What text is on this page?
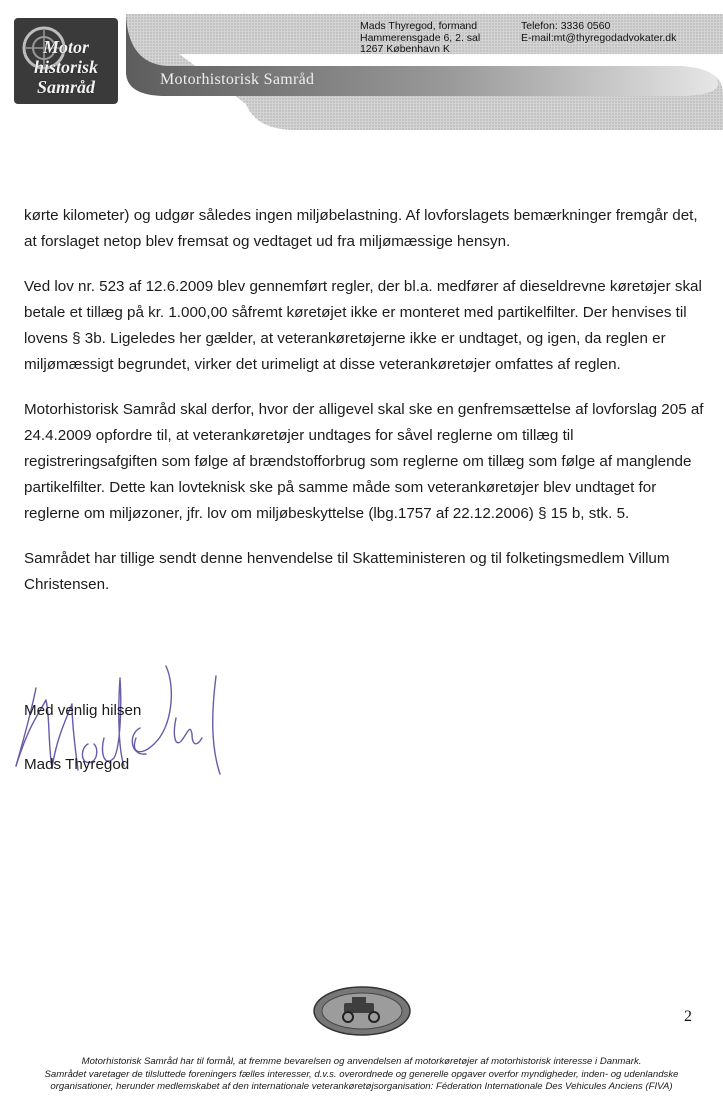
Motor
historisk
Samråd
Mads Thyregod, formand
Hammerensgade 6, 2. sal
1267 København K
Telefon: 3336 0560
E-mail:mt@thyregodadvokater.dk
Motorhistorisk Samråd

kørte kilometer) og udgør således ingen miljøbelastning. Af lovforslagets bemærkninger fremgår det, at forslaget netop blev fremsat og vedtaget ud fra miljømæssige hensyn.

Ved lov nr. 523 af 12.6.2009 blev gennemført regler, der bl.a. medfører af dieseldrevne køretøjer skal betale et tillæg på kr. 1.000,00 såfremt køretøjet ikke er monteret med partikelfilter. Der henvises til lovens § 3b. Ligeledes her gælder, at veterankøretøjerne ikke er undtaget, og igen, da reglen er miljømæssigt begrundet, virker det urimeligt at disse veterankøretøjer omfattes af reglen.

Motorhistorisk Samråd skal derfor, hvor der alligevel skal ske en genfremsættelse af lovforslag 205 af 24.4.2009 opfordre til, at veterankøretøjer undtages for såvel reglerne om tillæg til registreringsafgiften som følge af brændstofforbrug som reglerne om tillæg som følge af manglende partikelfilter. Dette kan lovteknisk ske på samme måde som veterankøretøjer blev undtaget for reglerne om miljøzoner, jfr. lov om miljøbeskyttelse (lbg.1757 af 22.12.2006) § 15 b, stk. 5.

Samrådet har tillige sendt denne henvendelse til Skatteministeren og til folketingsmedlem Villum Christensen.

Med venlig hilsen
Mads Thyregod
2
Motorhistorisk Samråd har til formål, at fremme bevarelsen og anvendelsen af motorkøretøjer af motorhistorisk interesse i Danmark.
Samrådet varetager de tilsluttede foreningers fælles interesser, d.v.s. overordnede og generelle opgaver overfor myndigheder, inden- og udenlandske
organisationer, herunder medlemskabet af den internationale veterankøretøjsorganisation: Féderation Internationale Des Vehicules Anciens (FIVA)
